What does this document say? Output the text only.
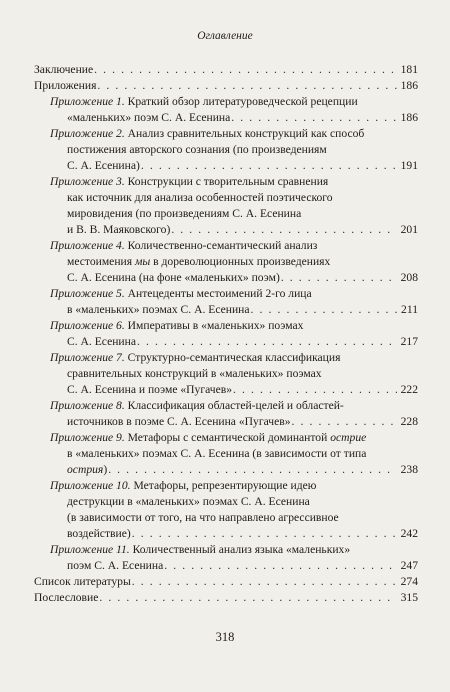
Оглавление
Заключение . . .	181
Приложения . . .	186
Приложение 1. Краткий обзор литературоведческой рецепции
«маленьких» поэм С. А. Есенина . . .	186
Приложение 2. Анализ сравнительных конструкций как способ
постижения авторского сознания (по произведениям
С. А. Есенина) . . .	191
Приложение 3. Конструкции с творительным сравнения
как источник для анализа особенностей поэтического
мировидения (по произведениям С. А. Есенина
и В. В. Маяковского) . . .	201
Приложение 4. Количественно-семантический анализ
местоимения мы в дореволюционных произведениях
С. А. Есенина (на фоне «маленьких» поэм) . . .	208
Приложение 5. Антецеденты местоимений 2-го лица
в «маленьких» поэмах С. А. Есенина . . .	211
Приложение 6. Императивы в «маленьких» поэмах
С. А. Есенина . . .	217
Приложение 7. Структурно-семантическая классификация
сравнительных конструкций в «маленьких» поэмах
С. А. Есенина и поэме «Пугачев» . . .	222
Приложение 8. Классификация областей-целей и областей-
источников в поэме С. А. Есенина «Пугачев» . . .	228
Приложение 9. Метафоры с семантической доминантой острие
в «маленьких» поэмах С. А. Есенина (в зависимости от типа
острия) . . .	238
Приложение 10. Метафоры, репрезентирующие идею
деструкции в «маленьких» поэмах С. А. Есенина
(в зависимости от того, на что направлено агрессивное
воздействие) . . .	242
Приложение 11. Количественный анализ языка «маленьких»
поэм С. А. Есенина . . .	247
Список литературы . . .	274
Послесловие . . .	315
318
